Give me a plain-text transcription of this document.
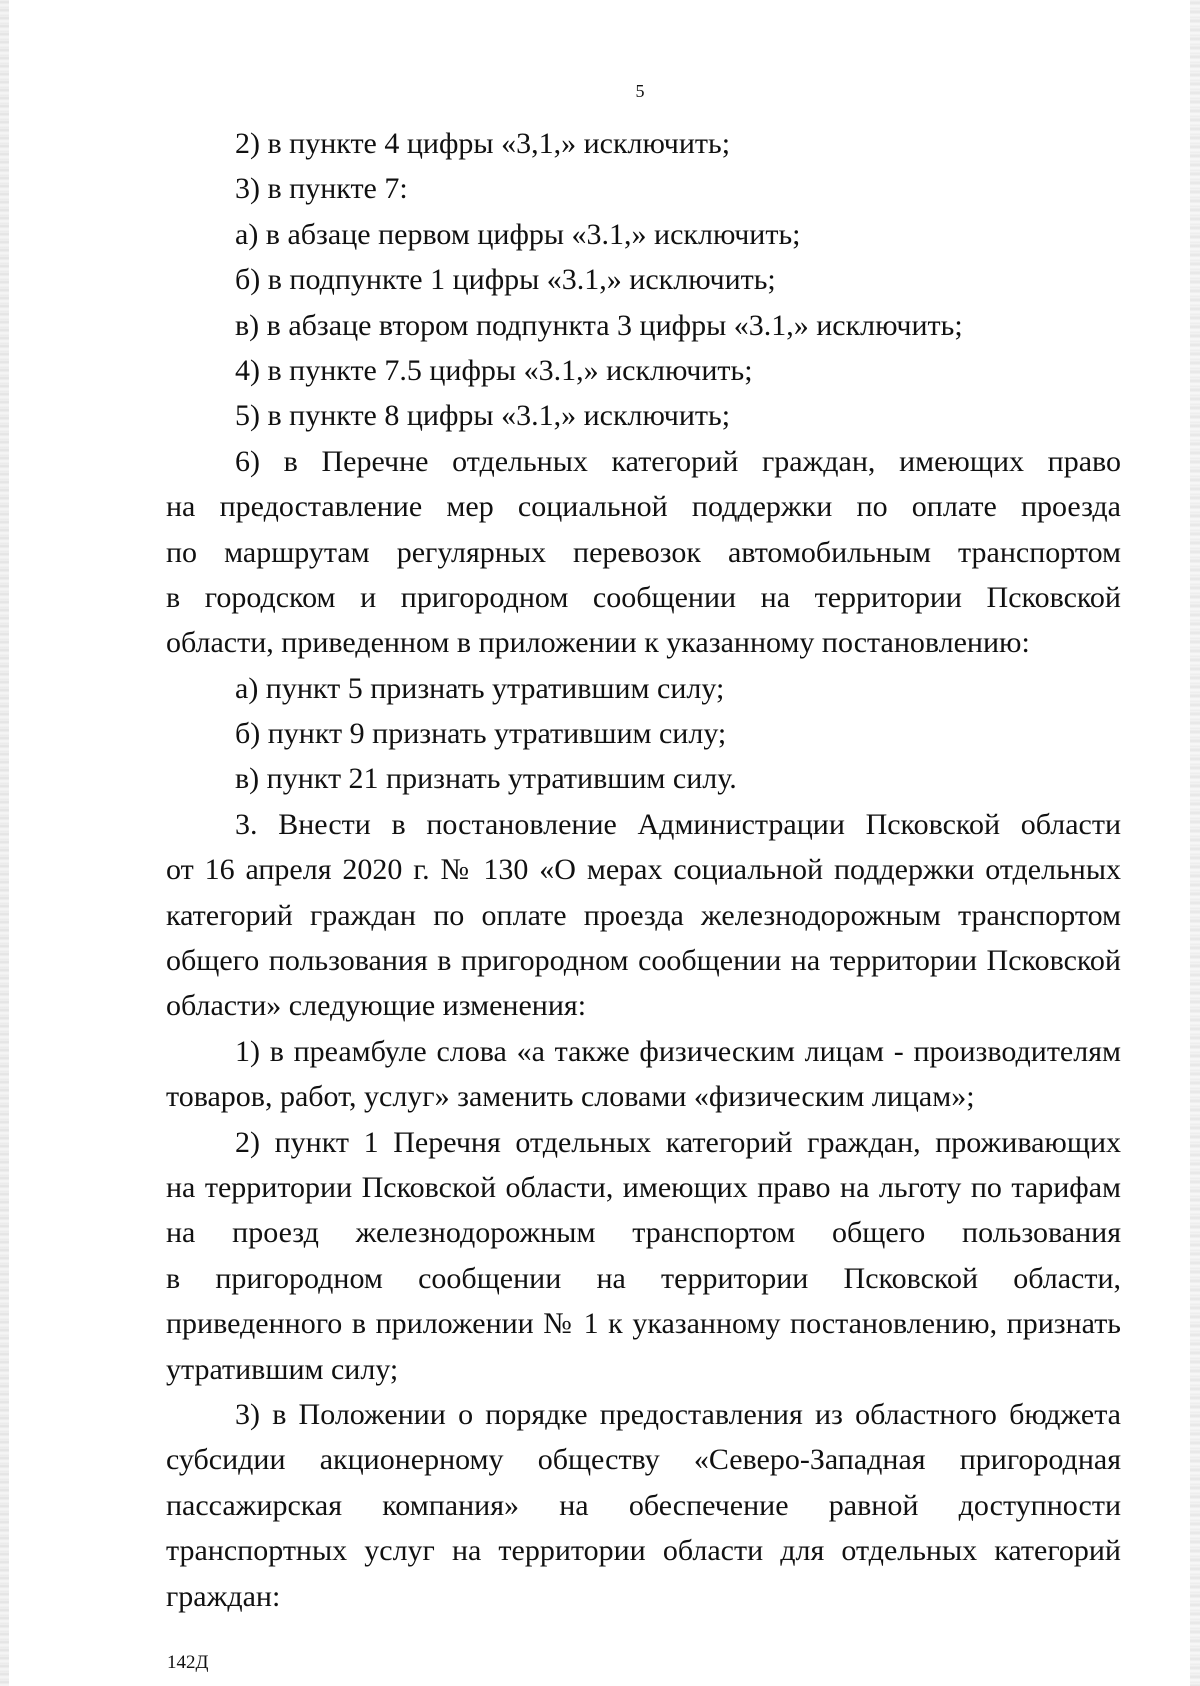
5
2) в пункте 4 цифры «3,1,» исключить;
3) в пункте 7:
а) в абзаце первом цифры «3.1,» исключить;
б) в подпункте 1 цифры «3.1,» исключить;
в) в абзаце втором подпункта 3 цифры «3.1,» исключить;
4) в пункте 7.5 цифры «3.1,» исключить;
5) в пункте 8 цифры «3.1,» исключить;
6) в Перечне отдельных категорий граждан, имеющих право
на предоставление мер социальной поддержки по оплате проезда
по маршрутам регулярных перевозок автомобильным транспортом
в городском и пригородном сообщении на территории Псковской
области, приведенном в приложении к указанному постановлению:
а) пункт 5 признать утратившим силу;
б) пункт 9 признать утратившим силу;
в) пункт 21 признать утратившим силу.
3. Внести в постановление Администрации Псковской области
от 16 апреля 2020 г. № 130 «О мерах социальной поддержки отдельных
категорий граждан по оплате проезда железнодорожным транспортом
общего пользования в пригородном сообщении на территории Псковской
области» следующие изменения:
1) в преамбуле слова «а также физическим лицам - производителям
товаров, работ, услуг» заменить словами «физическим лицам»;
2) пункт 1 Перечня отдельных категорий граждан, проживающих
на территории Псковской области, имеющих право на льготу по тарифам
на проезд железнодорожным транспортом общего пользования
в пригородном сообщении на территории Псковской области,
приведенного в приложении № 1 к указанному постановлению, признать
утратившим силу;
3) в Положении о порядке предоставления из областного бюджета
субсидии акционерному обществу «Северо-Западная пригородная
пассажирская компания» на обеспечение равной доступности
транспортных услуг на территории области для отдельных категорий
граждан:
142Д
